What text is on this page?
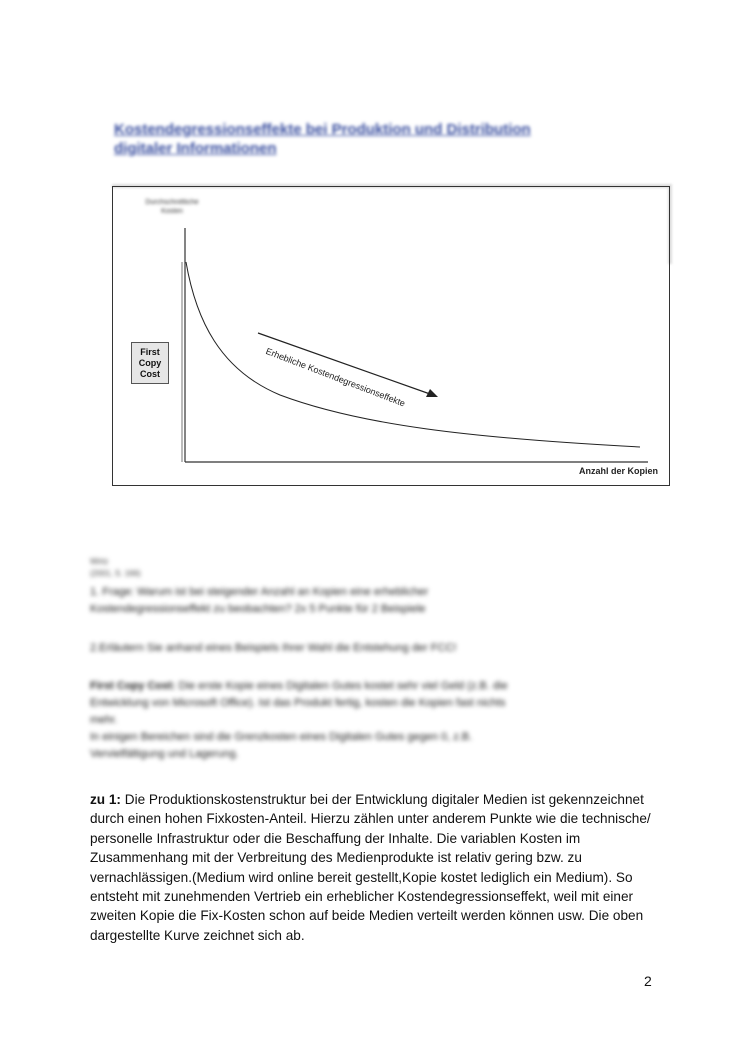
Kostendegressionseffekte bei Produktion und Distribution
digitaler Informationen
Durchschnittliche
Kosten
First
Copy
Cost	Erhebliche Kostendegressionseffekte
Anzahl der Kopien
Wirtz
(2001, S. 166)
1. Frage: Warum ist bei steigender Anzahl an Kopien eine erheblicher
Kostendegressionseffekt zu beobachten? 2x 5 Punkte für 2 Beispiele
2.Erläutern Sie anhand eines Beispiels Ihrer Wahl die Entstehung der FCC!
First Copy Cost: Die erste Kopie eines Digitalen Gutes kostet sehr viel Geld (z.B. die
Entwicklung von Microsoft Office). Ist das Produkt fertig, kosten die Kopien fast nichts
mehr.
In einigen Bereichen sind die Grenzkosten eines Digitalen Gutes gegen 0, z.B.
Vervielfältigung und Lagerung.
zu 1: Die Produktionskostenstruktur bei der Entwicklung digitaler Medien ist gekennzeichnet durch einen hohen Fixkosten-Anteil. Hierzu zählen unter anderem Punkte wie die technische/ personelle Infrastruktur oder die Beschaffung der Inhalte. Die variablen Kosten im Zusammenhang mit der Verbreitung des Medienprodukte ist relativ gering bzw. zu vernachlässigen.(Medium wird online bereit gestellt,Kopie kostet lediglich ein Medium). So entsteht mit zunehmenden Vertrieb ein erheblicher Kostendegressionseffekt, weil mit einer zweiten Kopie die Fix-Kosten schon auf beide Medien verteilt werden können usw. Die oben dargestellte Kurve zeichnet sich ab.
2
